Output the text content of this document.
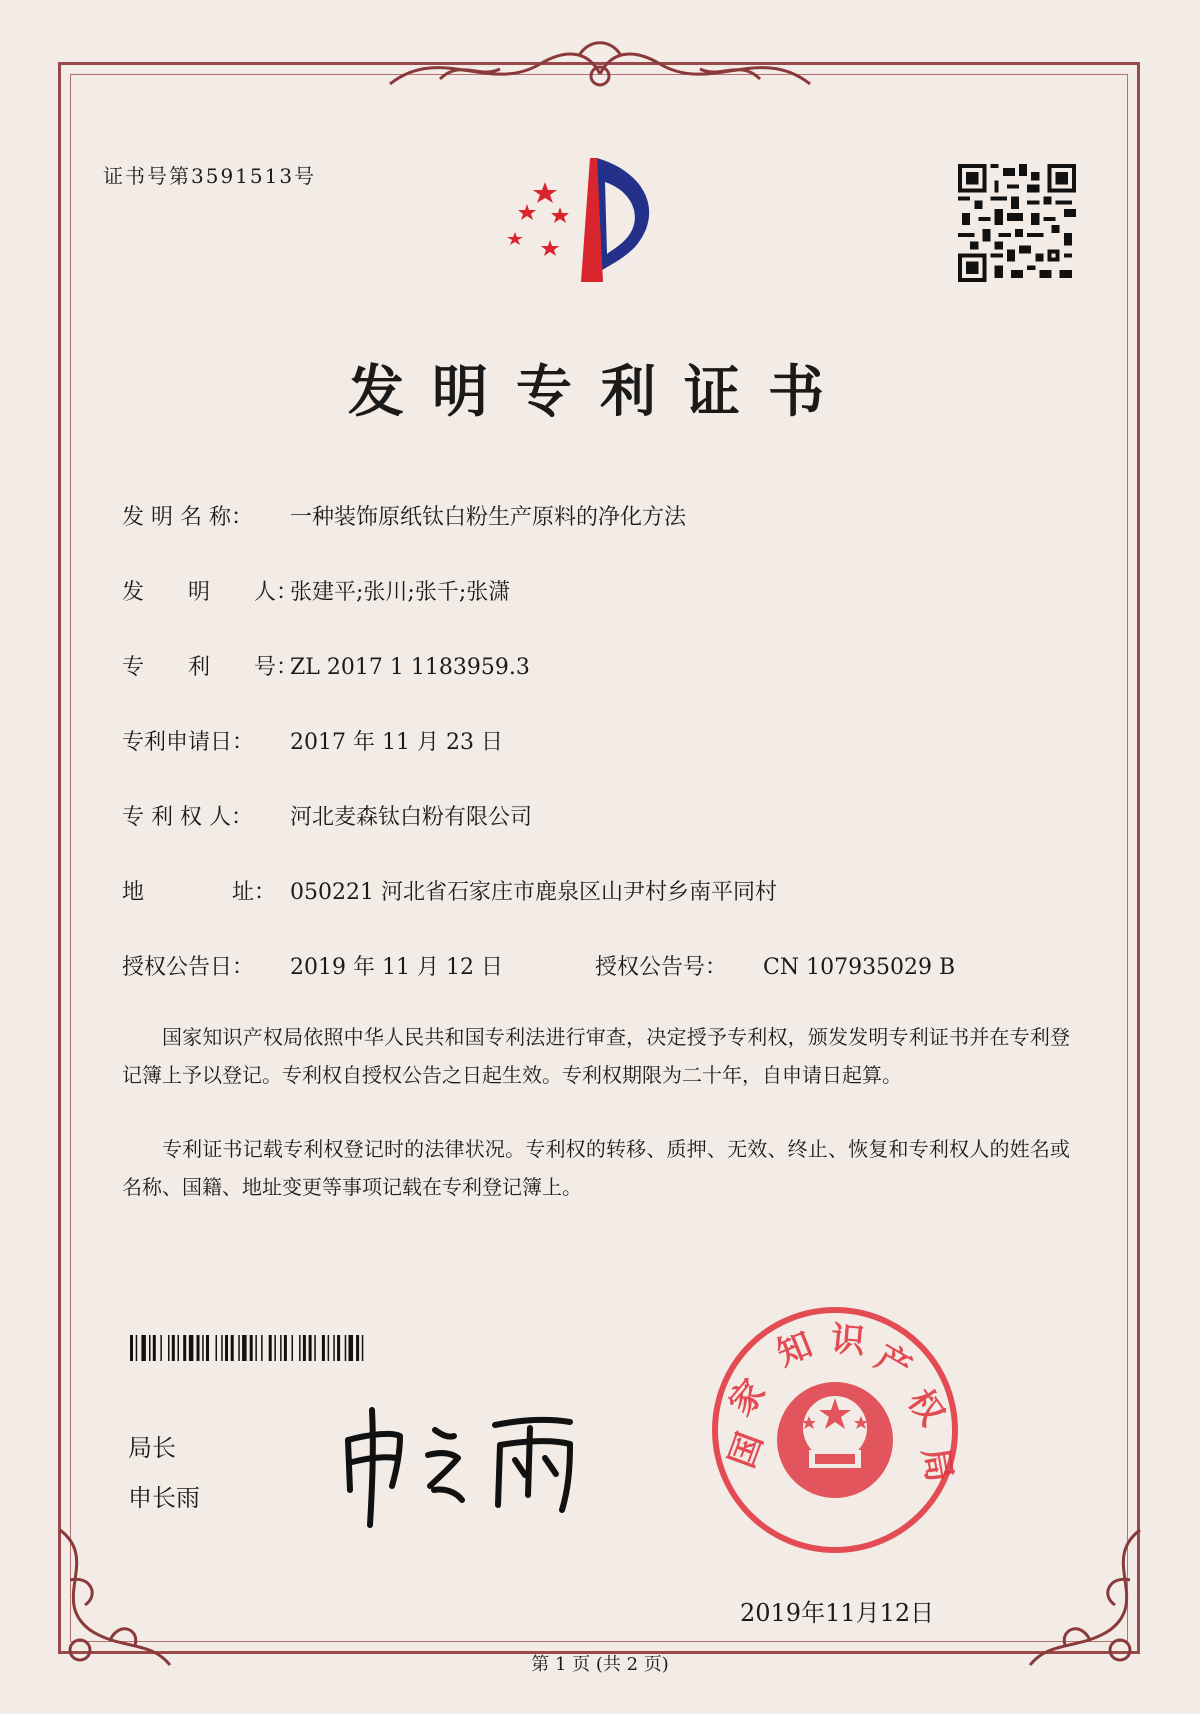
证书号第3591513号
发明专利证书
发 明 名 称： 一种装饰原纸钛白粉生产原料的净化方法
发　　明　　人：张建平;张川;张千;张潇
专　　利　　号：ZL 2017 1 1183959.3
专利申请日： 2017 年 11 月 23 日
专 利 权 人： 河北麦森钛白粉有限公司
地　　　　址： 050221 河北省石家庄市鹿泉区山尹村乡南平同村
授权公告日： 2019 年 11 月 12 日	授权公告号： CN 107935029 B
国家知识产权局依照中华人民共和国专利法进行审查，决定授予专利权，颁发发明专利证书并在专利登记簿上予以登记。专利权自授权公告之日起生效。专利权期限为二十年，自申请日起算。
专利证书记载专利权登记时的法律状况。专利权的转移、质押、无效、终止、恢复和专利权人的姓名或名称、国籍、地址变更等事项记载在专利登记簿上。
局长
申长雨
国
家
知 识 产
权
局
2019年11月12日
第 1 页 (共 2 页)
